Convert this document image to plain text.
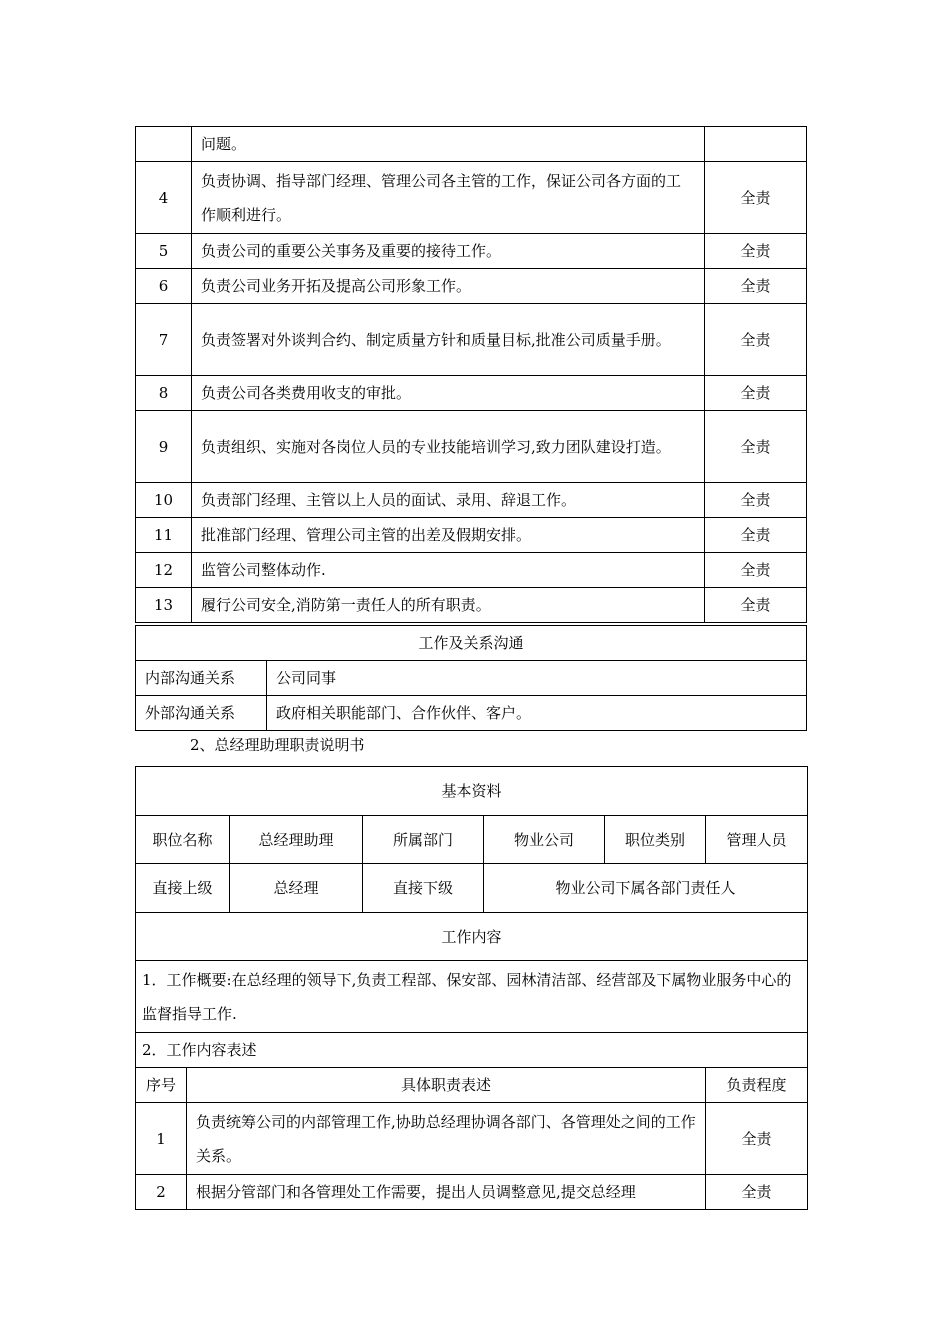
	问题。	
4	负责协调、指导部门经理、管理公司各主管的工作，保证公司各方面的工作顺利进行。	全责
5	负责公司的重要公关事务及重要的接待工作。	全责
6	负责公司业务开拓及提高公司形象工作。	全责
7	负责签署对外谈判合约、制定质量方针和质量目标,批准公司质量手册。	全责
8	负责公司各类费用收支的审批。	全责
9	负责组织、实施对各岗位人员的专业技能培训学习,致力团队建设打造。	全责
10	负责部门经理、主管以上人员的面试、录用、辞退工作。	全责
11	批准部门经理、管理公司主管的出差及假期安排。	全责
12	监管公司整体动作.	全责
13	履行公司安全,消防第一责任人的所有职责。	全责
工作及关系沟通	
内部沟通关系	公司同事
外部沟通关系	政府相关职能部门、合作伙伴、客户。
2、总经理助理职责说明书
基本资料						
职位名称		总经理助理	所属部门	物业公司	职位类别	管理人员
直接上级		总经理	直接下级	物业公司下属各部门责任人		
工作内容						
1．工作概要:在总经理的领导下,负责工程部、保安部、园林清洁部、经营部及下属物业服务中心的监督指导工作.						
2．工作内容表述						
序号	具体职责表述					负责程度
1	负责统筹公司的内部管理工作,协助总经理协调各部门、各管理处之间的工作关系。					全责
2	根据分管部门和各管理处工作需要，提出人员调整意见,提交总经理					全责
